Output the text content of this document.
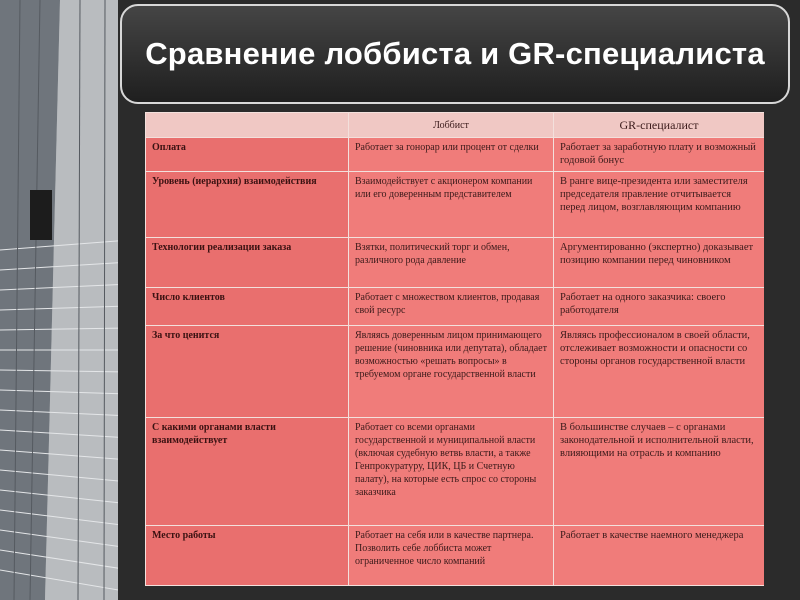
Сравнение лоббиста и GR-специалиста
	Лоббист	GR-специалист
Оплата	Работает за гонорар или процент от сделки	Работает за заработную плату и возможный годовой бонус
Уровень (иерархия) взаимодействия	Взаимодействует с акционером компании или его доверенным представителем	В ранге вице-президента или заместителя председателя правление отчитывается перед лицом, возглавляющим компанию
Технологии реализации заказа	Взятки, политический торг и обмен, различного рода давление	Аргументированно (экспертно) доказывает позицию компании перед чиновником
Число клиентов	Работает с множеством клиентов, продавая свой ресурс	Работает на одного заказчика: своего работодателя
За что ценится	Являясь доверенным лицом принимающего решение (чиновника или депутата), обладает возможностью «решать вопросы» в требуемом органе государственной власти	Являясь профессионалом в своей области, отслеживает возможности и опасности со стороны органов государственной власти
С какими органами власти взаимодействует	Работает со всеми органами государственной и муниципальной власти (включая судебную ветвь власти, а также Генпрокуратуру, ЦИК, ЦБ и Счетную палату), на которые есть спрос со стороны заказчика	В большинстве случаев – с органами законодательной и исполнительной власти, влияющими на отрасль и компанию
Место работы	Работает на себя или в качестве партнера. Позволить себе лоббиста может ограниченное число компаний	Работает в качестве наемного менеджера
